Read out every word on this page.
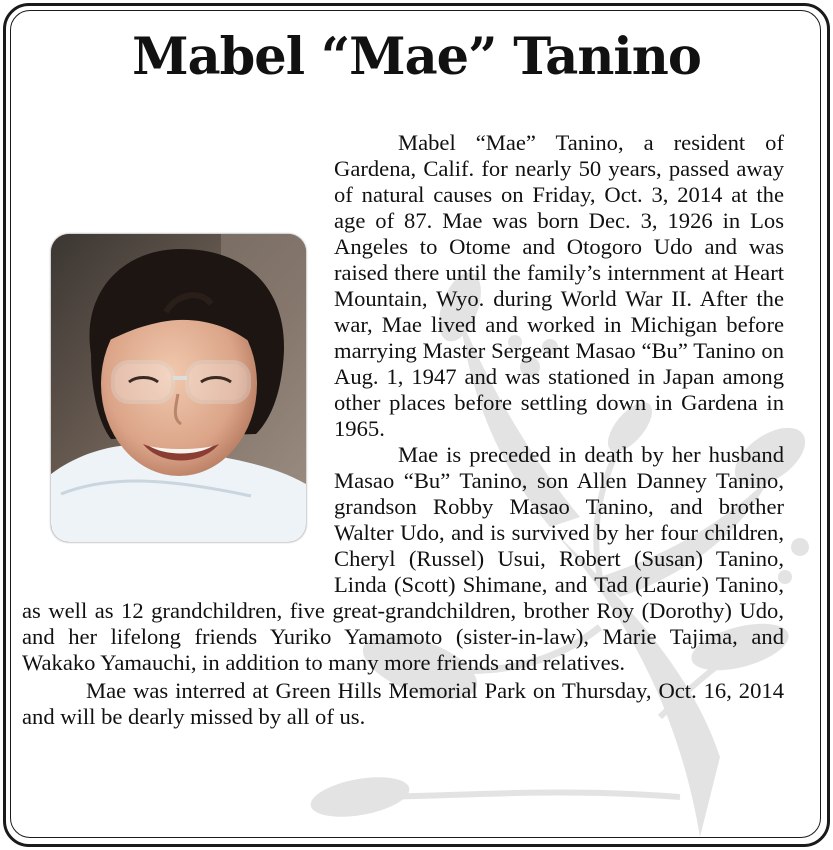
Mabel “Mae” Tanino

Mabel “Mae” Tanino, a resident of Gardena, Calif. for nearly 50 years, passed away of natural causes on Friday, Oct. 3, 2014 at the age of 87. Mae was born Dec. 3, 1926 in Los Angeles to Otome and Otogoro Udo and was raised there until the family’s internment at Heart Mountain, Wyo. during World War II. After the war, Mae lived and worked in Michigan before marrying Master Sergeant Masao “Bu” Tanino on Aug. 1, 1947 and was stationed in Japan among other places before settling down in Gardena in 1965.

Mae is preceded in death by her husband Masao “Bu” Tanino, son Allen Danney Tanino, grandson Robby Masao Tanino, and brother Walter Udo, and is survived by her four children, Cheryl (Russel) Usui, Robert (Susan) Tanino, Linda (Scott) Shimane, and Tad (Laurie) Tanino, as well as 12 grandchildren, five great-grandchildren, brother Roy (Dorothy) Udo, and her lifelong friends Yuriko Yamamoto (sister-in-law), Marie Tajima, and Wakako Yamauchi, in addition to many more friends and relatives.

Mae was interred at Green Hills Memorial Park on Thursday, Oct. 16, 2014 and will be dearly missed by all of us.
